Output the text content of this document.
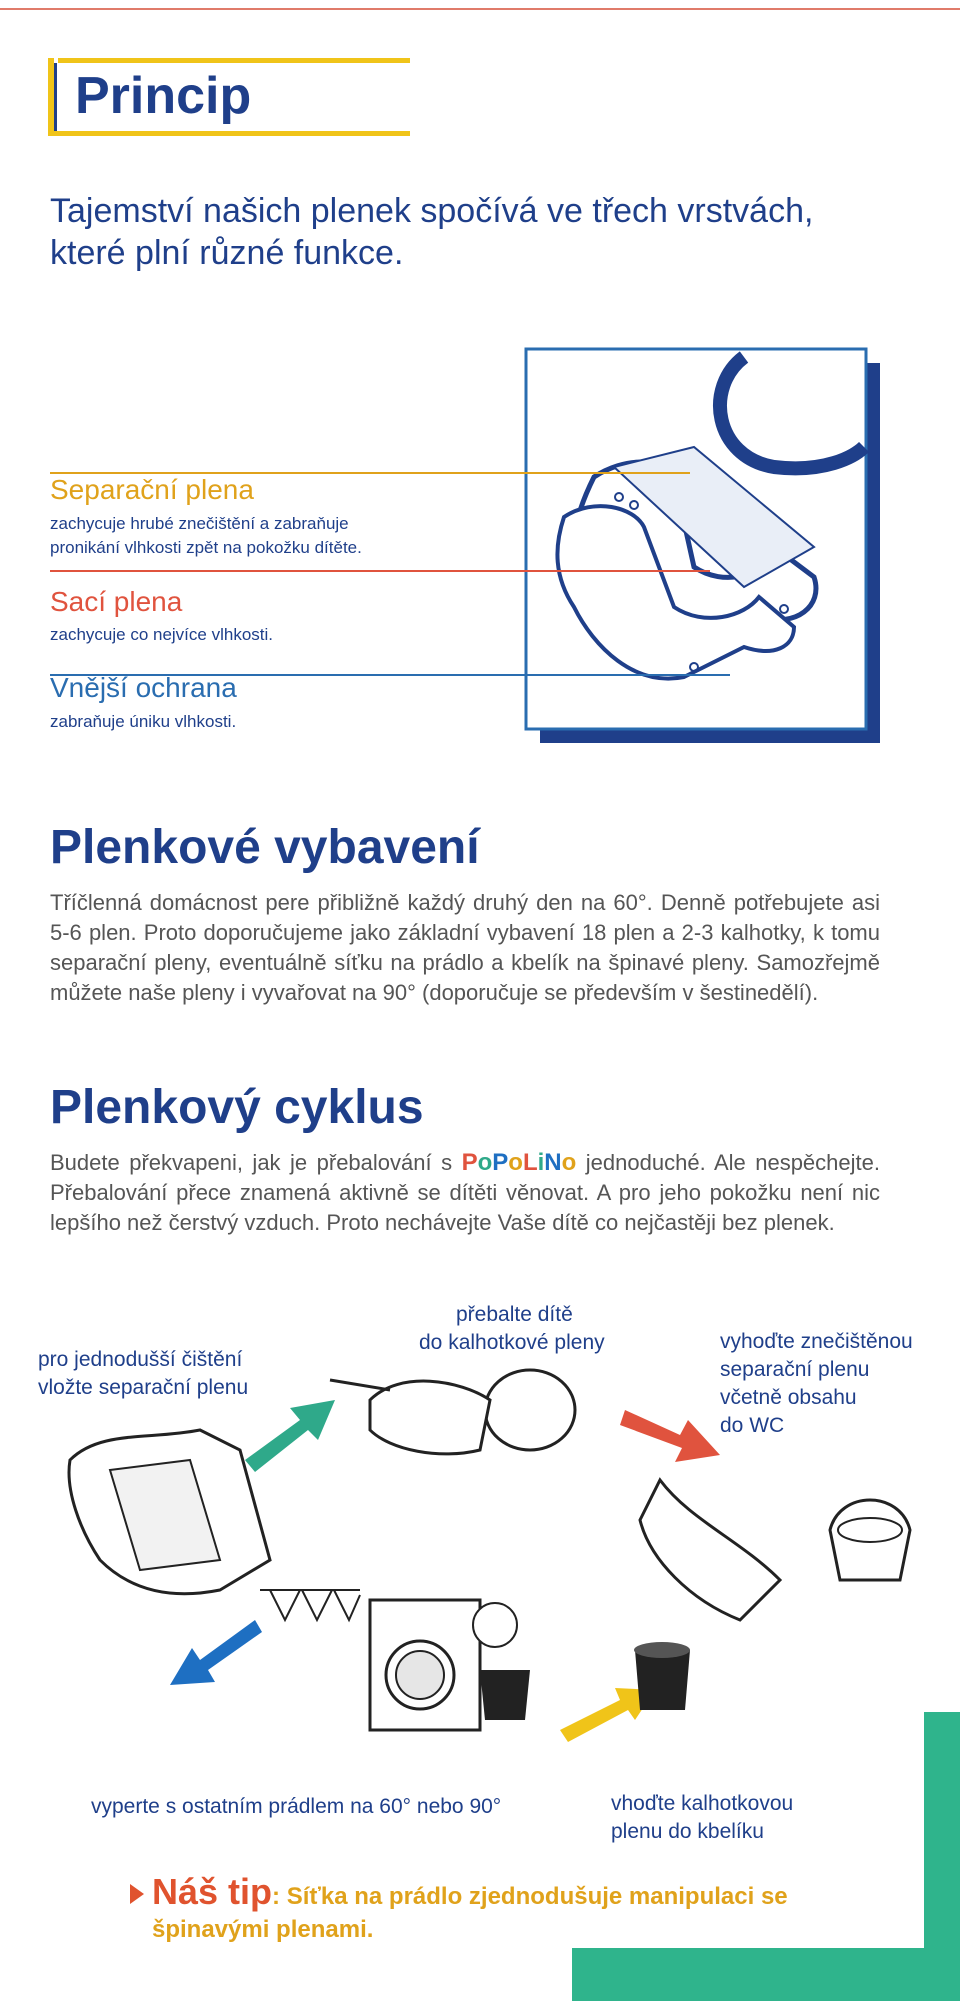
Princip
Tajemství našich plenek spočívá ve třech vrstvách, které plní různé funkce.
Separační plena
zachycuje hrubé znečištění a zabraňuje
pronikání vlhkosti zpět na pokožku dítěte.
Sací plena
zachycuje co nejvíce vlhkosti.
Vnější ochrana
zabraňuje úniku vlhkosti.
Plenkové vybavení
Tříčlenná domácnost pere přibližně každý druhý den na 60°. Denně potřebujete asi 5-6 plen. Proto doporučujeme jako základní vybavení 18 plen a 2-3 kalhotky, k tomu separační pleny, eventuálně síťku na prádlo a kbelík na špinavé pleny. Samozřejmě můžete naše pleny i vyvařovat na 90° (doporučuje se především v šestinedělí).
Plenkový cyklus
Budete překvapeni, jak je přebalování s PoPoLiNo jednoduché. Ale nespěchejte. Přebalování přece znamená aktivně se dítěti věnovat. A pro jeho pokožku není nic lepšího než čerstvý vzduch. Proto nechávejte Vaše dítě co nejčastěji bez plenek.
pro jednodušší čištění
vložte separační plenu
přebalte dítě
do kalhotkové pleny	vyhoďte znečištěnou
separační plenu
včetně obsahu
do WC
vhoďte kalhotkovou
plenu do kbelíku
vyperte s ostatním prádlem na 60° nebo 90°
Náš tip: Síťka na prádlo zjednodušuje manipulaci se špinavými plenami.
